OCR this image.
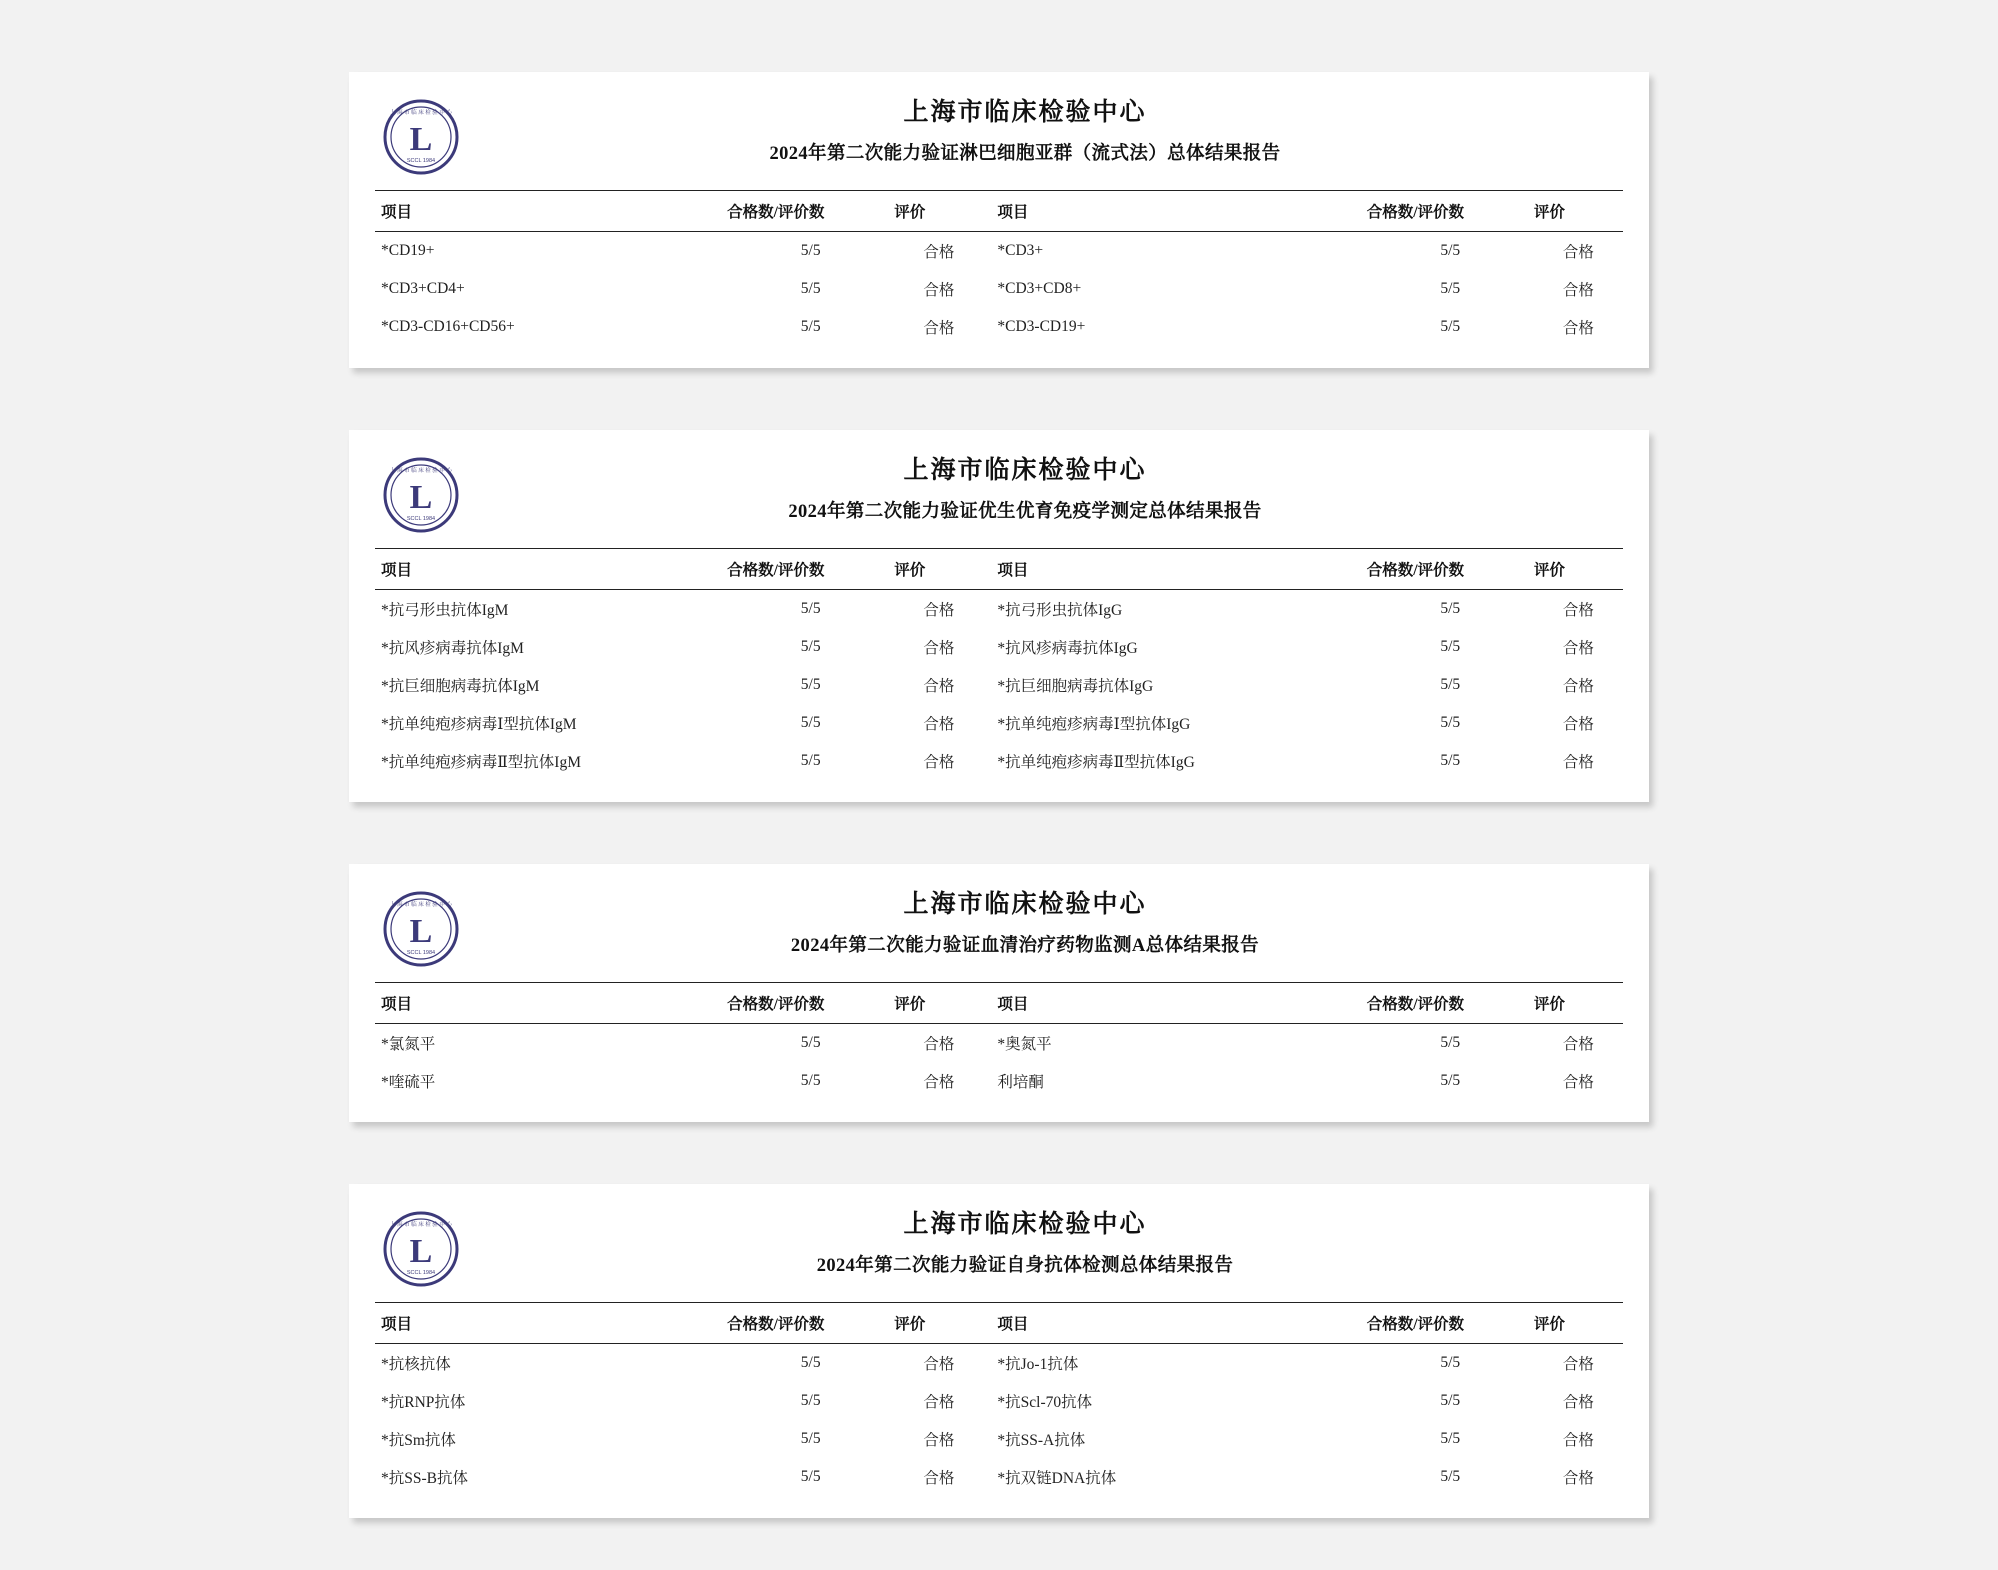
L
上 海 市 临 床 检 验 中 心
SCCL 1984
上海市临床检验中心
2024年第二次能力验证淋巴细胞亚群（流式法）总体结果报告
项目	合格数/评价数	评价	项目	合格数/评价数	评价
*CD19+	5/5	合格	*CD3+	5/5	合格
*CD3+CD4+	5/5	合格	*CD3+CD8+	5/5	合格
*CD3-CD16+CD56+	5/5	合格	*CD3-CD19+	5/5	合格
L
上 海 市 临 床 检 验 中 心
SCCL 1984
上海市临床检验中心
2024年第二次能力验证优生优育免疫学测定总体结果报告
项目	合格数/评价数	评价	项目	合格数/评价数	评价
*抗弓形虫抗体IgM	5/5	合格	*抗弓形虫抗体IgG	5/5	合格
*抗风疹病毒抗体IgM	5/5	合格	*抗风疹病毒抗体IgG	5/5	合格
*抗巨细胞病毒抗体IgM	5/5	合格	*抗巨细胞病毒抗体IgG	5/5	合格
*抗单纯疱疹病毒Ⅰ型抗体IgM	5/5	合格	*抗单纯疱疹病毒Ⅰ型抗体IgG	5/5	合格
*抗单纯疱疹病毒Ⅱ型抗体IgM	5/5	合格	*抗单纯疱疹病毒Ⅱ型抗体IgG	5/5	合格
L
上 海 市 临 床 检 验 中 心
SCCL 1984
上海市临床检验中心
2024年第二次能力验证血清治疗药物监测A总体结果报告
项目	合格数/评价数	评价	项目	合格数/评价数	评价
*氯氮平	5/5	合格	*奥氮平	5/5	合格
*喹硫平	5/5	合格	利培酮	5/5	合格
L
上 海 市 临 床 检 验 中 心
SCCL 1984
上海市临床检验中心
2024年第二次能力验证自身抗体检测总体结果报告
项目	合格数/评价数	评价	项目	合格数/评价数	评价
*抗核抗体	5/5	合格	*抗Jo-1抗体	5/5	合格
*抗RNP抗体	5/5	合格	*抗Scl-70抗体	5/5	合格
*抗Sm抗体	5/5	合格	*抗SS-A抗体	5/5	合格
*抗SS-B抗体	5/5	合格	*抗双链DNA抗体	5/5	合格
